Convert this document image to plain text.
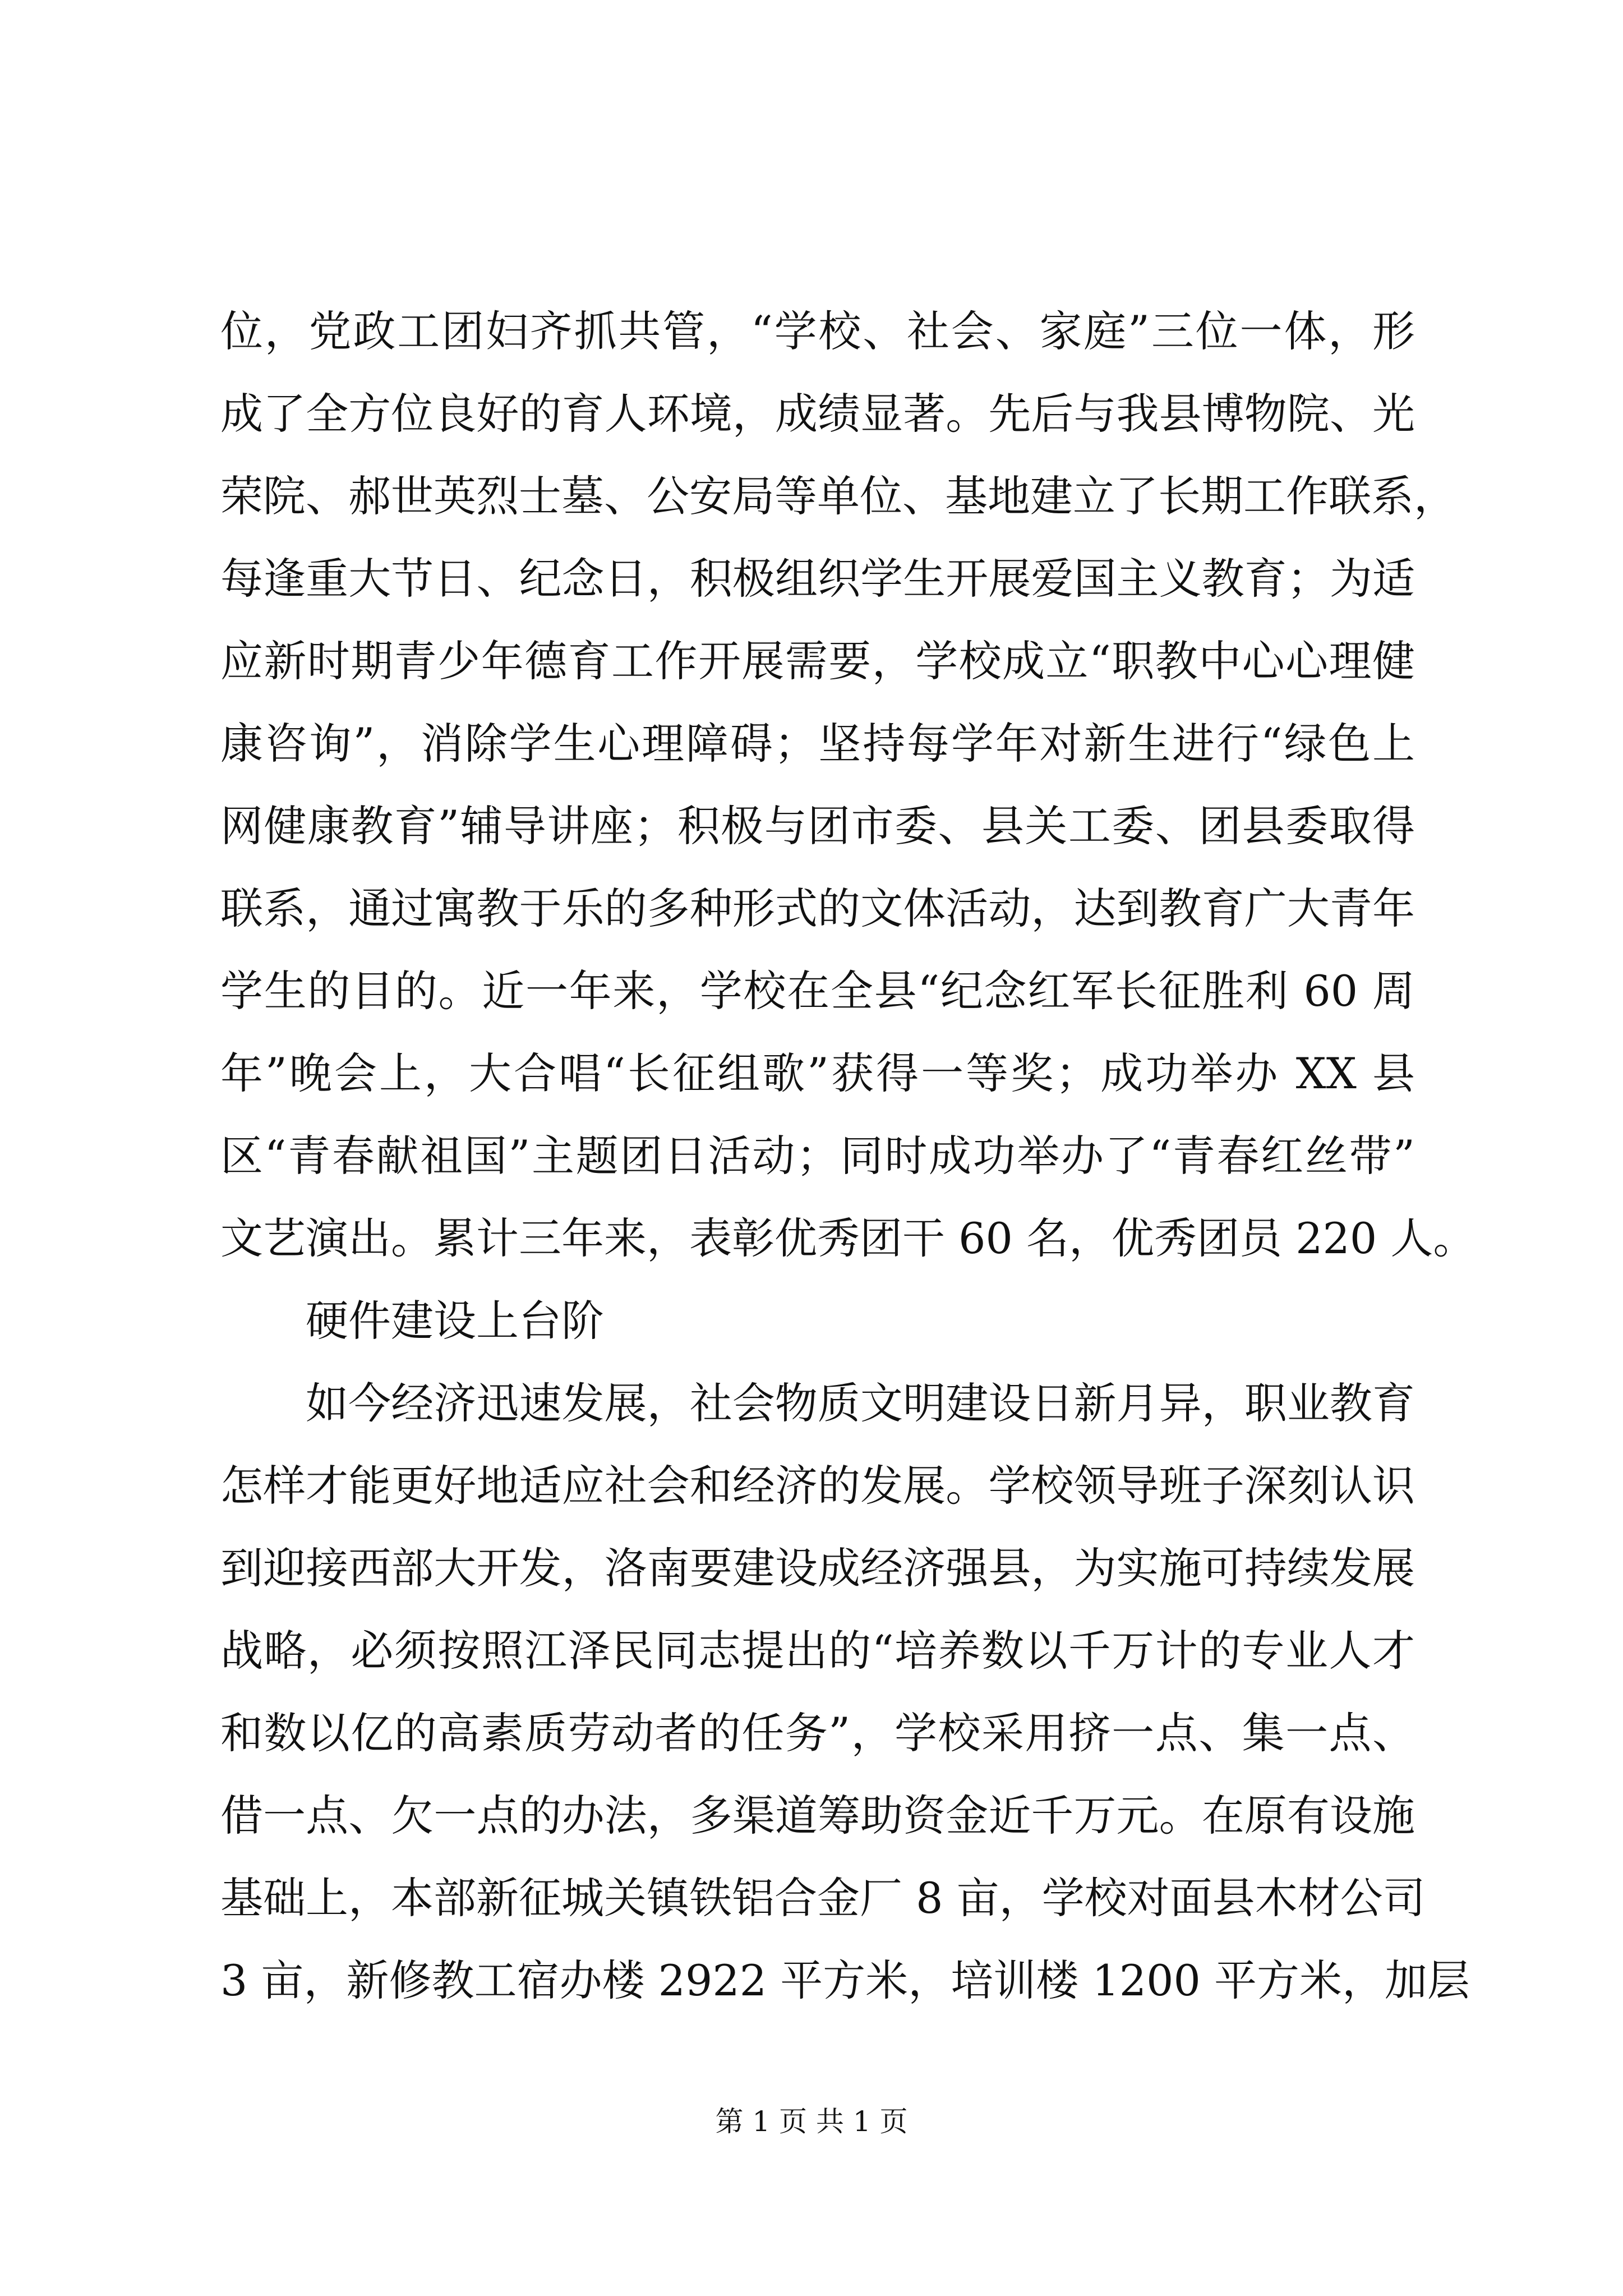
位，党政工团妇齐抓共管，“学校、社会、家庭”三位一体，形
成了全方位良好的育人环境，成绩显著。先后与我县博物院、光
荣院、郝世英烈士墓、公安局等单位、基地建立了长期工作联系，
每逢重大节日、纪念日，积极组织学生开展爱国主义教育；为适
应新时期青少年德育工作开展需要，学校成立“职教中心心理健
康咨询”，消除学生心理障碍；坚持每学年对新生进行“绿色上
网健康教育”辅导讲座；积极与团市委、县关工委、团县委取得
联系，通过寓教于乐的多种形式的文体活动，达到教育广大青年
学生的目的。近一年来，学校在全县“纪念红军长征胜利 60 周
年”晚会上，大合唱“长征组歌”获得一等奖；成功举办 XX 县
区“青春献祖国”主题团日活动；同时成功举办了“青春红丝带”
文艺演出。累计三年来，表彰优秀团干 60 名，优秀团员 220 人。
硬件建设上台阶
如今经济迅速发展，社会物质文明建设日新月异，职业教育
怎样才能更好地适应社会和经济的发展。学校领导班子深刻认识
到迎接西部大开发，洛南要建设成经济强县，为实施可持续发展
战略，必须按照江泽民同志提出的“培养数以千万计的专业人才
和数以亿的高素质劳动者的任务”，学校采用挤一点、集一点、
借一点、欠一点的办法，多渠道筹助资金近千万元。在原有设施
基础上，本部新征城关镇铁铝合金厂 8 亩，学校对面县木材公司
3 亩，新修教工宿办楼 2922 平方米，培训楼 1200 平方米，加层
第 1 页 共 1 页
